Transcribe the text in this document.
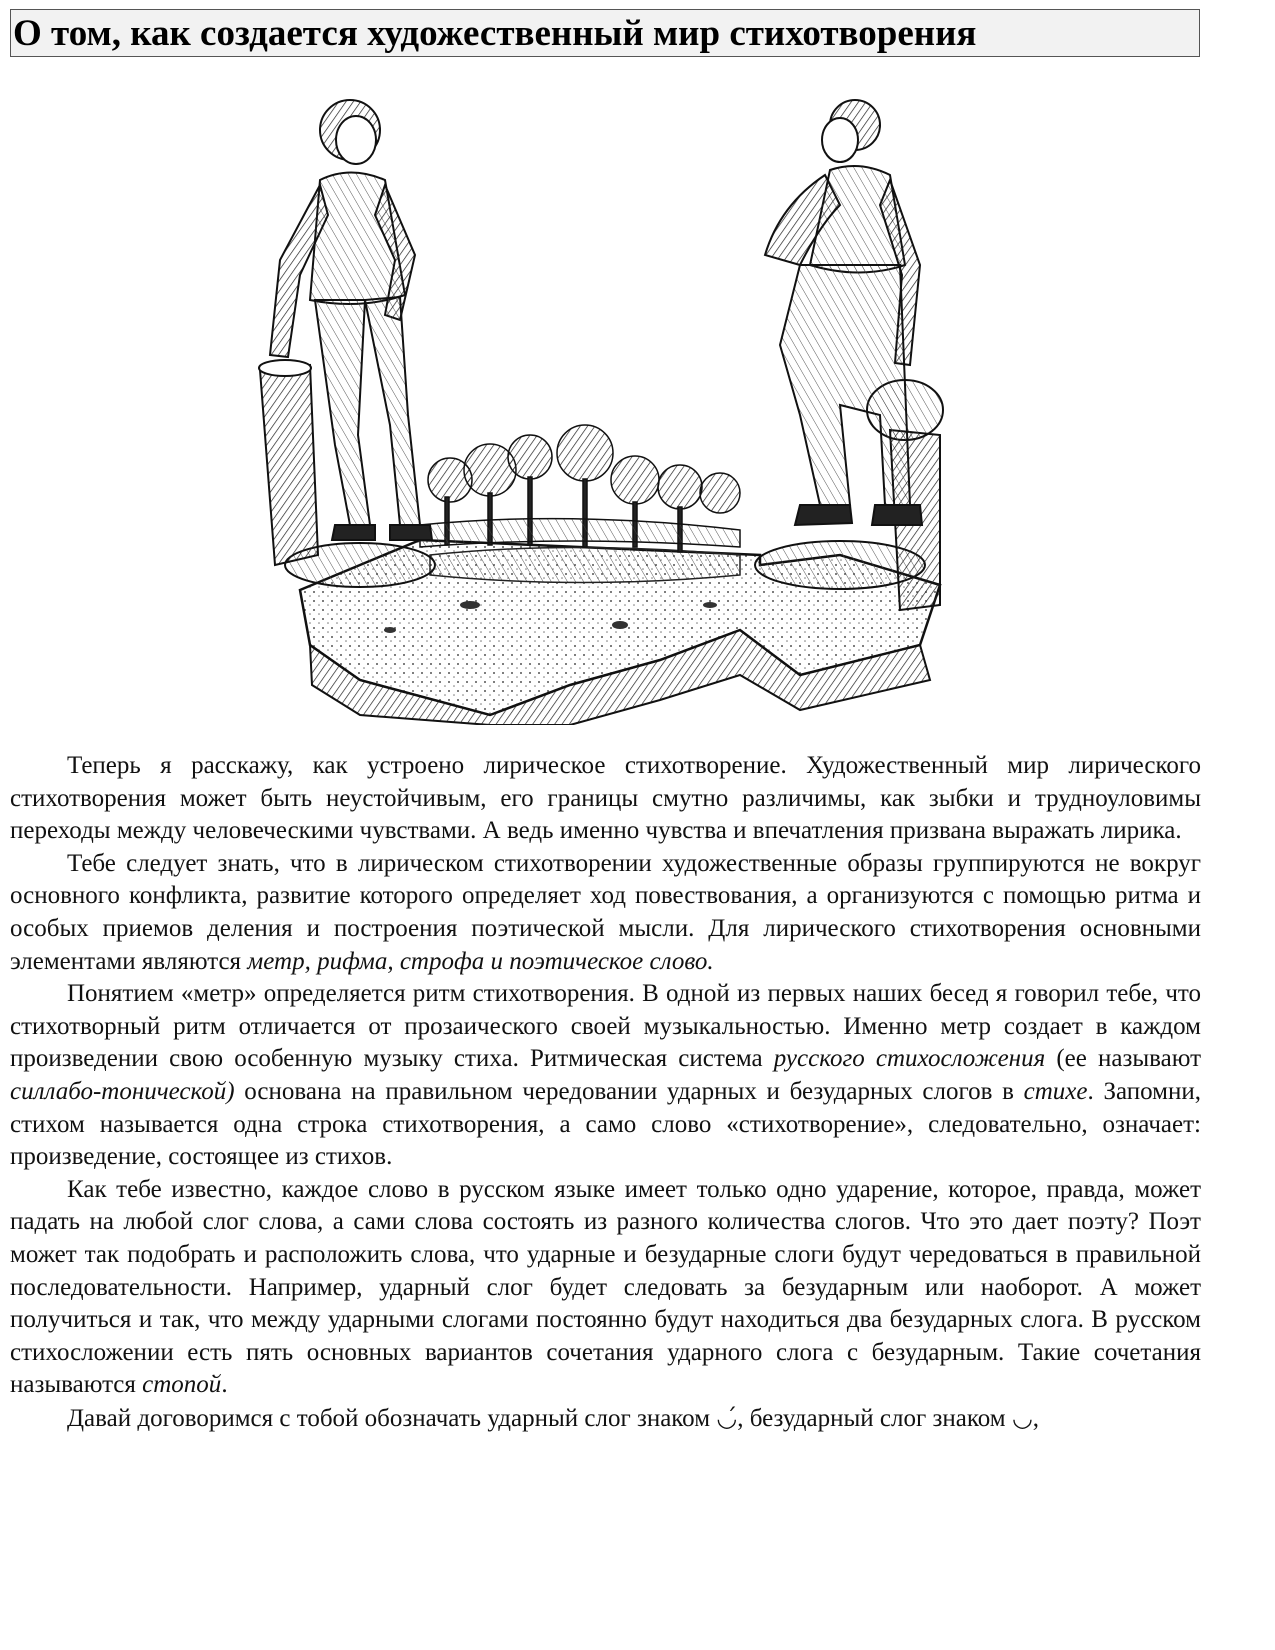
О том, как создается художественный мир стихотворения

Теперь я расскажу, как устроено лирическое стихотворение. Художественный мир лирического стихотворения может быть неустойчивым, его границы смутно различимы, как зыбки и трудноуловимы переходы между человеческими чувствами. А ведь именно чувства и впечатления призвана выражать лирика.

Тебе следует знать, что в лирическом стихотворении художественные образы группируются не вокруг основного конфликта, развитие которого определяет ход повествования, а организуются с помощью ритма и особых приемов деления и построения поэтической мысли. Для лирического стихотворения основными элементами являются метр, рифма, строфа и поэтическое слово.

Понятием «метр» определяется ритм стихотворения. В одной из первых наших бесед я говорил тебе, что стихотворный ритм отличается от прозаического своей музыкальностью. Именно метр создает в каждом произведении свою особенную музыку стиха. Ритмическая система русского стихосложения (ее называют силлабо-тонической) основана на правильном чередовании ударных и безударных слогов в стихе. Запомни, стихом называется одна строка стихотворения, а само слово «стихотворение», следовательно, означает: произведение, состоящее из стихов.

Как тебе известно, каждое слово в русском языке имеет только одно ударение, которое, правда, может падать на любой слог слова, а сами слова состоять из разного количества слогов. Что это дает поэту? Поэт может так подобрать и расположить слова, что ударные и безударные слоги будут чередоваться в правильной последовательности. Например, ударный слог будет следовать за безударным или наоборот. А может получиться и так, что между ударными слогами постоянно будут находиться два безударных слога. В русском стихосложении есть пять основных вариантов сочетания ударного слога с безударным. Такие сочетания называются стопой.

Давай договоримся с тобой обозначать ударный слог знаком ◡́, безударный слог знаком ◡,
